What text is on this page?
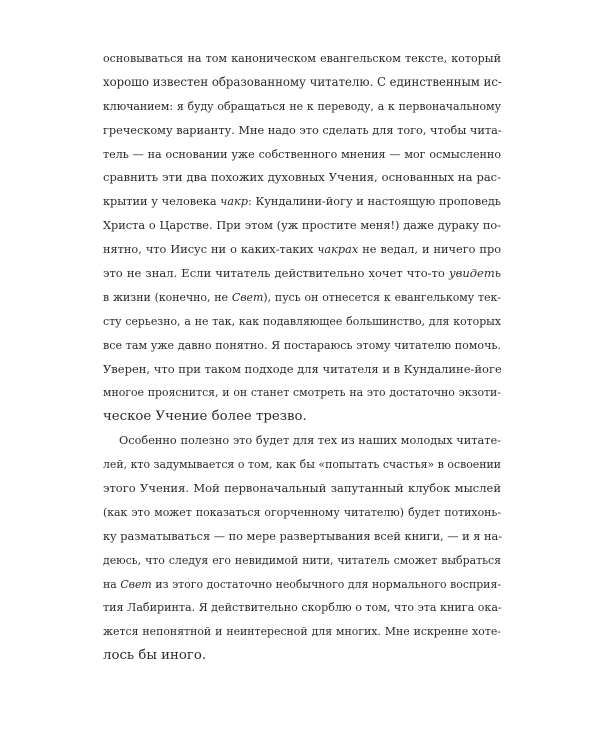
основываться на том каноническом евангельском тексте, который
хорошо известен образованному читателю. С единственным ис-
ключанием: я буду обращаться не к переводу, а к первоначальному
греческому варианту. Мне надо это сделать для того, чтобы чита-
тель — на основании уже собственного мнения — мог осмысленно
сравнить эти два похожих духовных Учения, основанных на рас-
крытии у человека чакр: Кундалини-йогу и настоящую проповедь
Христа о Царстве. При этом (уж простите меня!) даже дураку по-
нятно, что Иисус ни о каких-таких чакрах не ведал, и ничего про
это не знал. Если читатель действительно хочет что-то увидеть
в жизни (конечно, не Свет), пусь он отнесется к евангелькому тек-
сту серьезно, а не так, как подавляющее большинство, для которых
все там уже давно понятно. Я постараюсь этому читателю помочь.
Уверен, что при таком подходе для читателя и в Кундалине-йоге
многое прояснится, и он станет смотреть на это достаточно экзоти-
ческое Учение более трезво.
Особенно полезно это будет для тех из наших молодых читате-
лей, кто задумывается о том, как бы «попытать счастья» в освоении
этого Учения. Мой первоначальный запутанный клубок мыслей
(как это может показаться огорченному читателю) будет потихонь-
ку разматываться — по мере развертывания всей книги, — и я на-
деюсь, что следуя его невидимой нити, читатель сможет выбраться
на Свет из этого достаточно необычного для нормального восприя-
тия Лабиринта. Я действительно скорблю о том, что эта книга ока-
жется непонятной и неинтересной для многих. Мне искренне хоте-
лось бы иного.
